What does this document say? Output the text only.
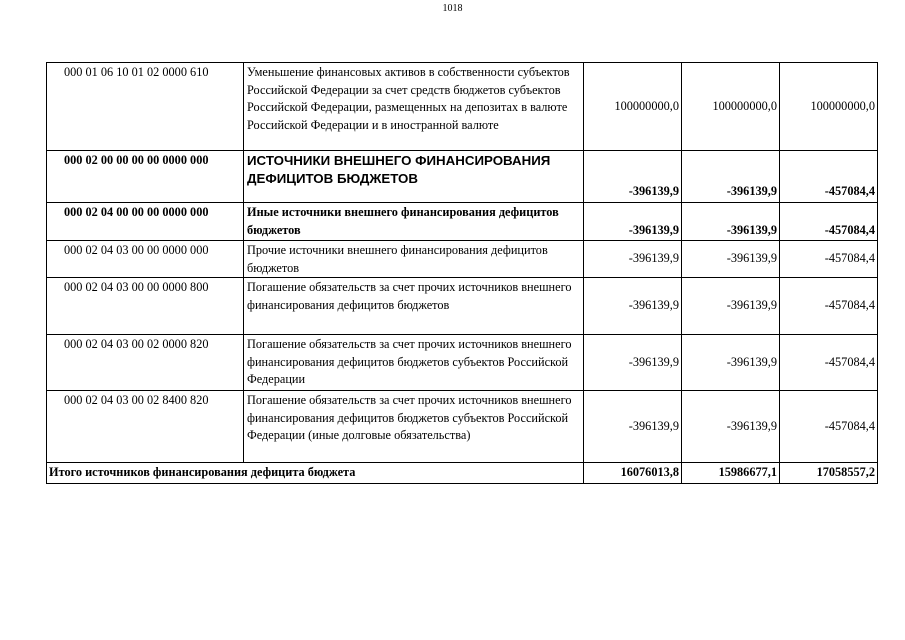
1018
000 01 06 10 01 02 0000 610	Уменьшение финансовых активов в собственности субъектов Российской Федерации за счет средств бюджетов субъектов Российской Федерации, размещенных на депозитах в валюте Российской Федерации и в иностранной валюте	100000000,0	100000000,0	100000000,0
000 02 00 00 00 00 0000 000	ИСТОЧНИКИ ВНЕШНЕГО ФИНАНСИРОВАНИЯ ДЕФИЦИТОВ БЮДЖЕТОВ	-396139,9	-396139,9	-457084,4
000 02 04 00 00 00 0000 000	Иные источники внешнего финансирования дефицитов бюджетов	-396139,9	-396139,9	-457084,4
000 02 04 03 00 00 0000 000	Прочие источники внешнего финансирования дефицитов бюджетов	-396139,9	-396139,9	-457084,4
000 02 04 03 00 00 0000 800	Погашение обязательств за счет прочих источников внешнего финансирования дефицитов бюджетов	-396139,9	-396139,9	-457084,4
000 02 04 03 00 02 0000 820	Погашение обязательств за счет прочих источников внешнего финансирования дефицитов бюджетов субъектов Российской Федерации	-396139,9	-396139,9	-457084,4
000 02 04 03 00 02 8400 820	Погашение обязательств за счет прочих источников внешнего финансирования дефицитов бюджетов субъектов Российской Федерации (иные долговые обязательства)	-396139,9	-396139,9	-457084,4
Итого источников финансирования дефицита бюджета		16076013,8	15986677,1	17058557,2
